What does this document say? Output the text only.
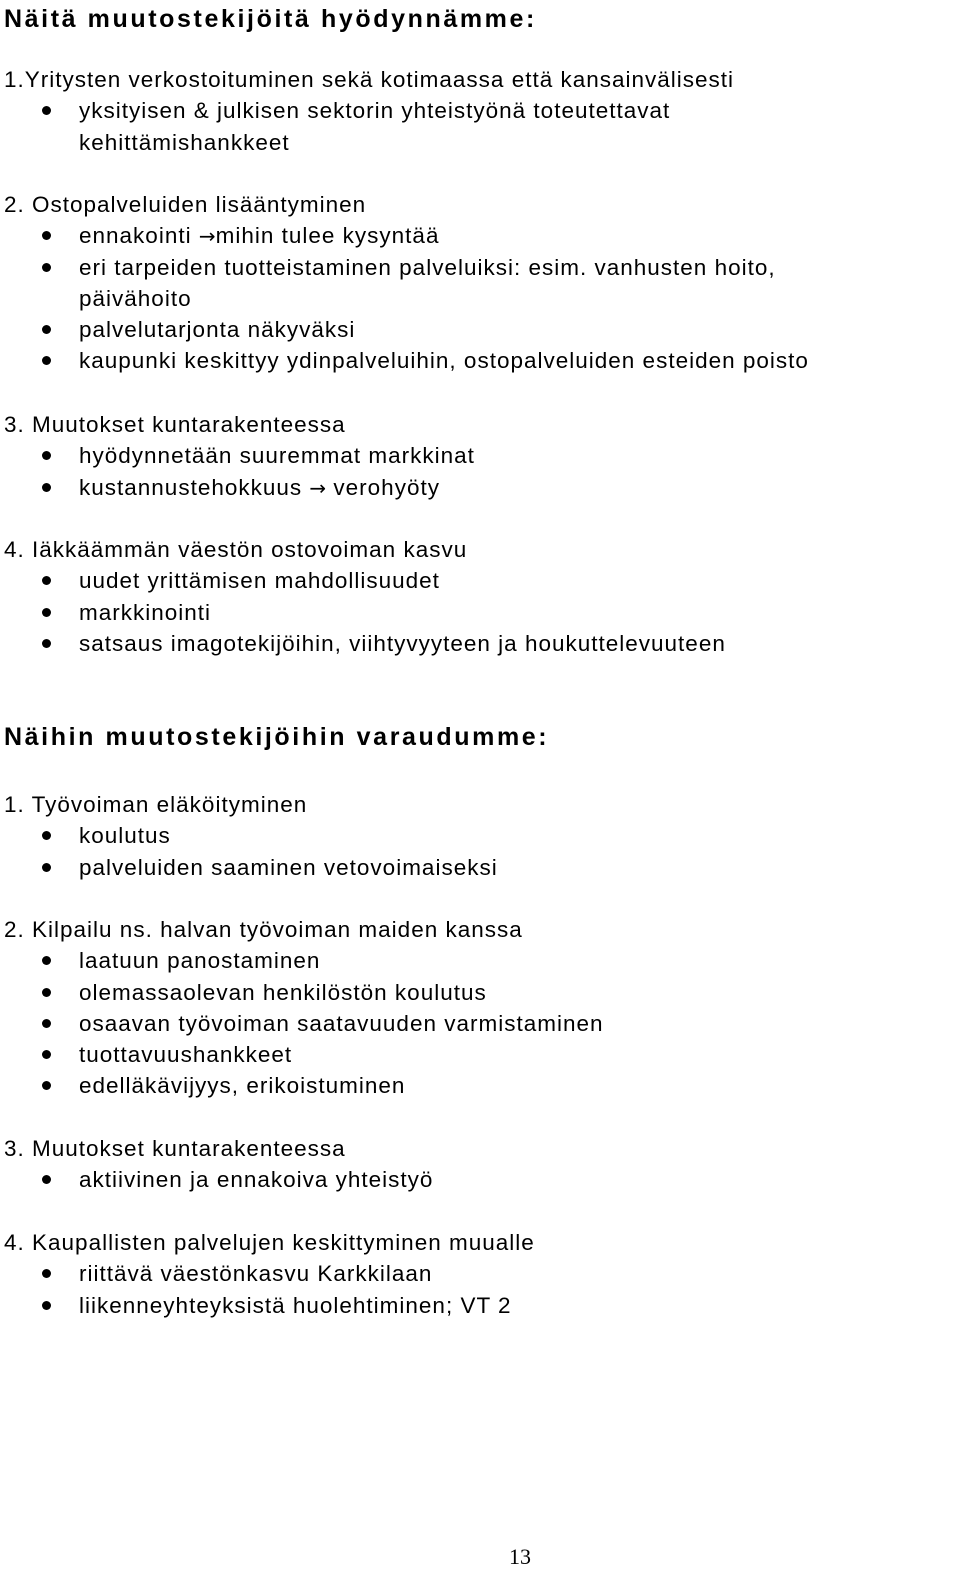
Näitä muutostekijöitä hyödynnämme:
1.Yritysten verkostoituminen sekä kotimaassa että kansainvälisesti
yksityisen & julkisen sektorin yhteistyönä toteutettavat kehittämishankkeet
2. Ostopalveluiden lisääntyminen
ennakointi →mihin tulee kysyntää
eri tarpeiden tuotteistaminen palveluiksi: esim. vanhusten hoito, päivähoito
palvelutarjonta näkyväksi
kaupunki keskittyy ydinpalveluihin, ostopalveluiden esteiden poisto
3. Muutokset kuntarakenteessa
hyödynnetään suuremmat markkinat
kustannustehokkuus → verohyöty
4. Iäkkäämmän väestön ostovoiman kasvu
uudet yrittämisen mahdollisuudet
markkinointi
satsaus imagotekijöihin, viihtyvyyteen ja houkuttelevuuteen
Näihin muutostekijöihin varaudumme:
1. Työvoiman eläköityminen
koulutus
palveluiden saaminen vetovoimaiseksi
2. Kilpailu ns. halvan työvoiman maiden kanssa
laatuun panostaminen
olemassaolevan henkilöstön koulutus
osaavan työvoiman saatavuuden varmistaminen
tuottavuushankkeet
edelläkävijyys, erikoistuminen
3. Muutokset kuntarakenteessa
aktiivinen ja ennakoiva yhteistyö
4. Kaupallisten palvelujen keskittyminen muualle
riittävä väestönkasvu Karkkilaan
liikenneyhteyksistä huolehtiminen; VT 2
13
